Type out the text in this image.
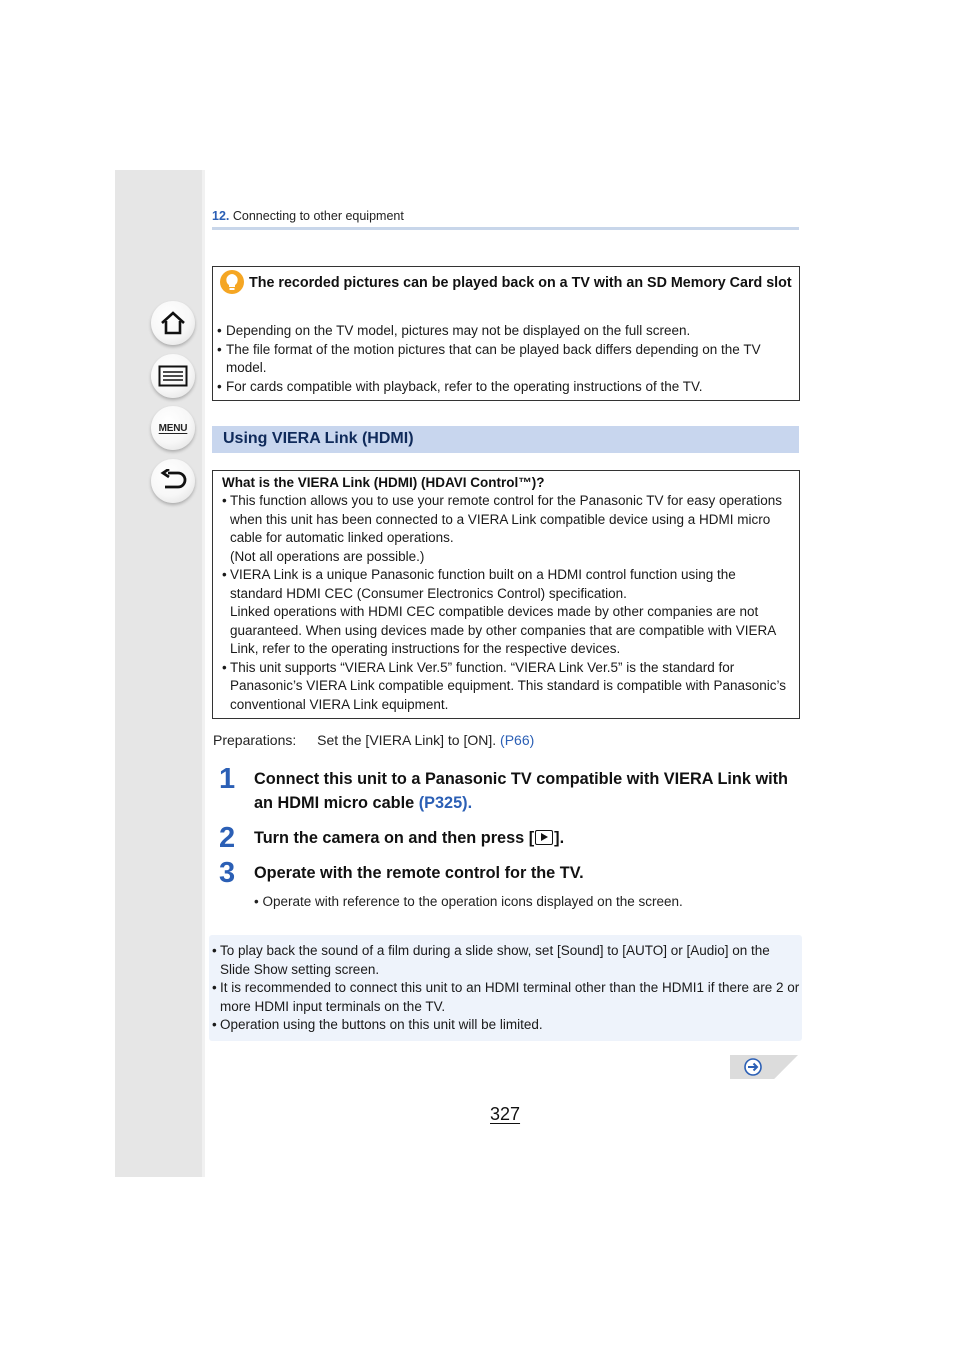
MENU
12. Connecting to other equipment
The recorded pictures can be played back on a TV with an SD Memory Card slot
• Depending on the TV model, pictures may not be displayed on the full screen.
• The file format of the motion pictures that can be played back differs depending on the TV model.
• For cards compatible with playback, refer to the operating instructions of the TV.
Using VIERA Link (HDMI)
What is the VIERA Link (HDMI) (HDAVI Control™)?
• This function allows you to use your remote control for the Panasonic TV for easy operations when this unit has been connected to a VIERA Link compatible device using a HDMI micro cable for automatic linked operations.
(Not all operations are possible.)
• VIERA Link is a unique Panasonic function built on a HDMI control function using the standard HDMI CEC (Consumer Electronics Control) specification.
Linked operations with HDMI CEC compatible devices made by other companies are not guaranteed. When using devices made by other companies that are compatible with VIERA Link, refer to the operating instructions for the respective devices.
• This unit supports “VIERA Link Ver.5” function. “VIERA Link Ver.5” is the standard for Panasonic’s VIERA Link compatible equipment. This standard is compatible with Panasonic’s conventional VIERA Link equipment.
Preparations: Set the [VIERA Link] to [ON]. (P66)
1 Connect this unit to a Panasonic TV compatible with VIERA Link with an HDMI micro cable (P325).
2 Turn the camera on and then press [ ].
3 Operate with the remote control for the TV.
• Operate with reference to the operation icons displayed on the screen.
• To play back the sound of a film during a slide show, set [Sound] to [AUTO] or [Audio] on the Slide Show setting screen.
• It is recommended to connect this unit to an HDMI terminal other than the HDMI1 if there are 2 or more HDMI input terminals on the TV.
• Operation using the buttons on this unit will be limited.
327
